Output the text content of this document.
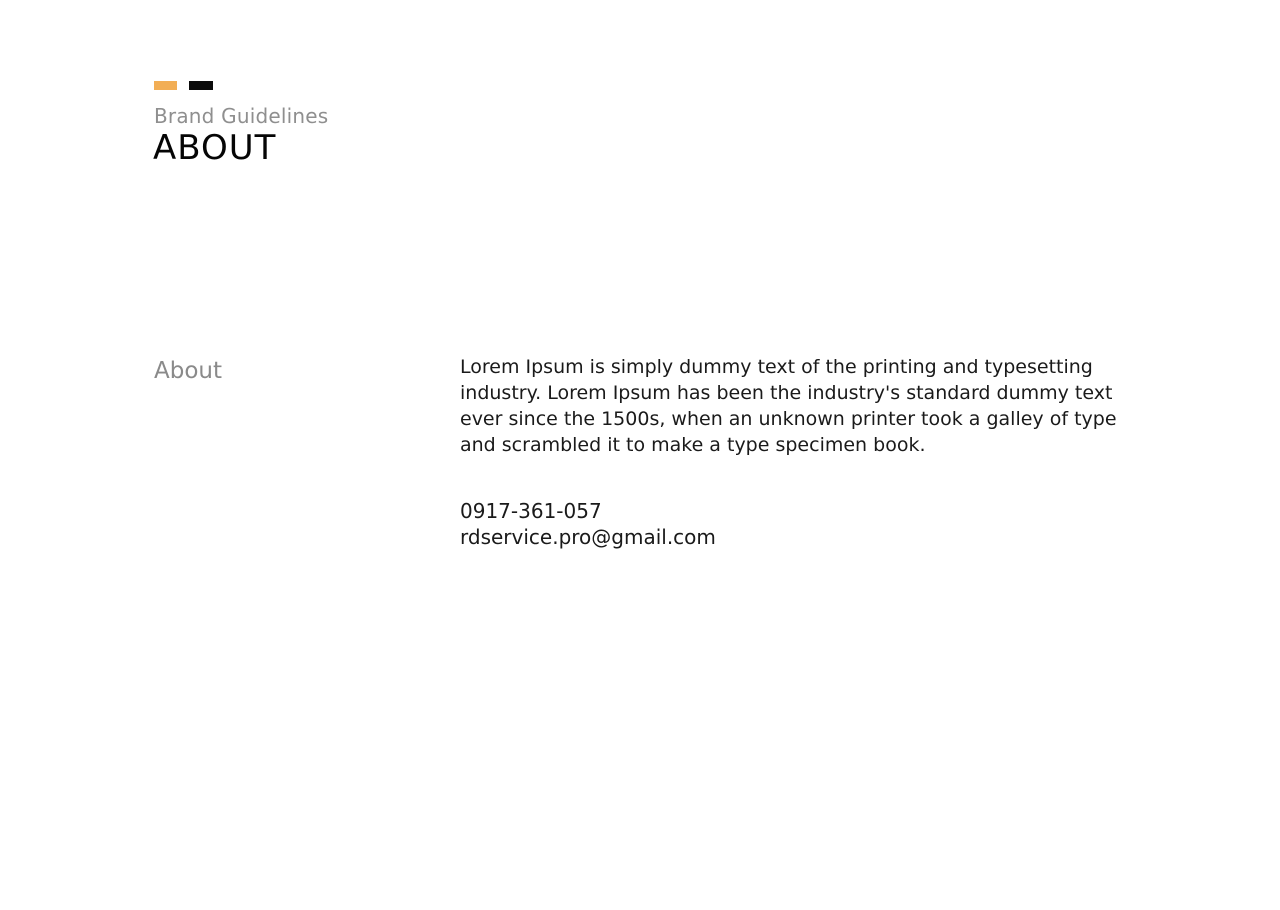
Brand Guidelines
ABOUT
About	Lorem Ipsum is simply dummy text of the printing and typesetting industry. Lorem Ipsum has been the industry's standard dummy text ever since the 1500s, when an unknown printer took a galley of type and scrambled it to make a type specimen book.

0917-361-057
rdservice.pro@gmail.com
